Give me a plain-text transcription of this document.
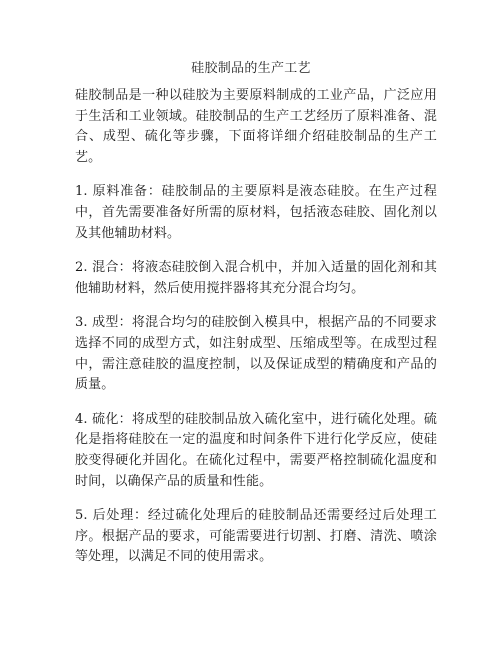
硅胶制品的生产工艺

硅胶制品是一种以硅胶为主要原料制成的工业产品，广泛应用于生活和工业领域。硅胶制品的生产工艺经历了原料准备、混合、成型、硫化等步骤，下面将详细介绍硅胶制品的生产工艺。

1. 原料准备：硅胶制品的主要原料是液态硅胶。在生产过程中，首先需要准备好所需的原材料，包括液态硅胶、固化剂以及其他辅助材料。

2. 混合：将液态硅胶倒入混合机中，并加入适量的固化剂和其他辅助材料，然后使用搅拌器将其充分混合均匀。

3. 成型：将混合均匀的硅胶倒入模具中，根据产品的不同要求选择不同的成型方式，如注射成型、压缩成型等。在成型过程中，需注意硅胶的温度控制，以及保证成型的精确度和产品的质量。

4. 硫化：将成型的硅胶制品放入硫化室中，进行硫化处理。硫化是指将硅胶在一定的温度和时间条件下进行化学反应，使硅胶变得硬化并固化。在硫化过程中，需要严格控制硫化温度和时间，以确保产品的质量和性能。

5. 后处理：经过硫化处理后的硅胶制品还需要经过后处理工序。根据产品的要求，可能需要进行切割、打磨、清洗、喷涂等处理，以满足不同的使用需求。
